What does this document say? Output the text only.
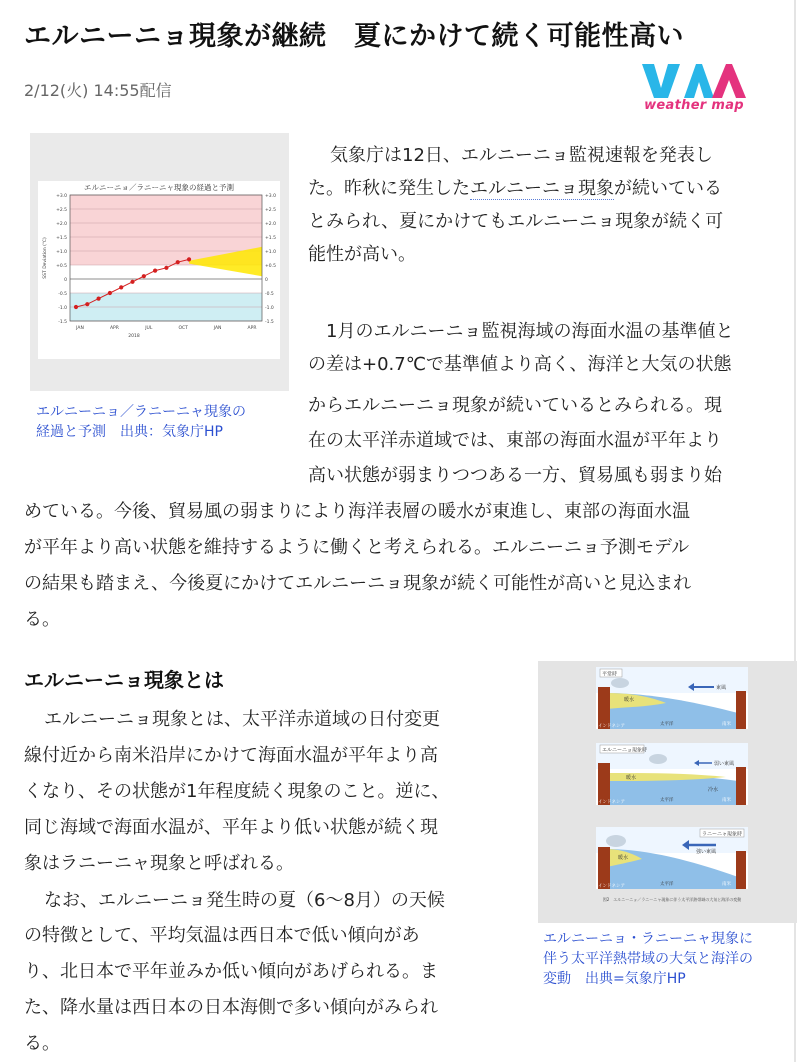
エルニーニョ現象が継続　夏にかけて続く可能性高い
2/12(火) 14:55配信
weather map
エルニーニョ／ラニーニャ現象の経過と予測
+3.0	+3.0
+2.5	+2.5
+2.0	+2.0
+1.5	+1.5
+1.0	+1.0
+0.5	+0.5
0	0
-0.5	-0.5
-1.0	-1.0
-1.5	-1.5
SST Deviation (℃)
JAN	APR	JUL	OCT	JAN	APR
2018
エルニーニョ／ラニーニャ現象の
経過と予測　出典：気象庁HP
気象庁は12日、エルニーニョ監視速報を発表し
た。昨秋に発生したエルニーニョ現象が続いている
とみられ、夏にかけてもエルニーニョ現象が続く可
能性が高い。
1月のエルニーニョ監視海域の海面水温の基準値と
の差は+0.7℃で基準値より高く、海洋と大気の状態
からエルニーニョ現象が続いているとみられる。現
在の太平洋赤道域では、東部の海面水温が平年より
高い状態が弱まりつつある一方、貿易風も弱まり始
めている。今後、貿易風の弱まりにより海洋表層の暖水が東進し、東部の海面水温
が平年より高い状態を維持するように働くと考えられる。エルニーニョ予測モデル
の結果も踏まえ、今後夏にかけてエルニーニョ現象が続く可能性が高いと見込まれ
る。
エルニーニョ現象とは
エルニーニョ現象とは、太平洋赤道域の日付変更
線付近から南米沿岸にかけて海面水温が平年より高
くなり、その状態が1年程度続く現象のこと。逆に、
同じ海域で海面水温が、平年より低い状態が続く現
象はラニーニャ現象と呼ばれる。
なお、エルニーニョ発生時の夏（6～8月）の天候
の特徴として、平均気温は西日本で低い傾向があ
り、北日本で平年並みか低い傾向があげられる。ま
た、降水量は西日本の日本海側で多い傾向がみられ
る。
平常時
東風
暖水
インドネシア	太平洋	南米
エルニーニョ現象時
弱い東風
暖水
冷水
インドネシア	太平洋	南米
ラニーニャ現象時
強い東風
暖水
インドネシア	太平洋	南米
図2　エルニーニョ／ラニーニャ現象に伴う太平洋熱帯域の大気と海洋の変動
エルニーニョ・ラニーニャ現象に
伴う太平洋熱帯域の大気と海洋の
変動　出典=気象庁HP
